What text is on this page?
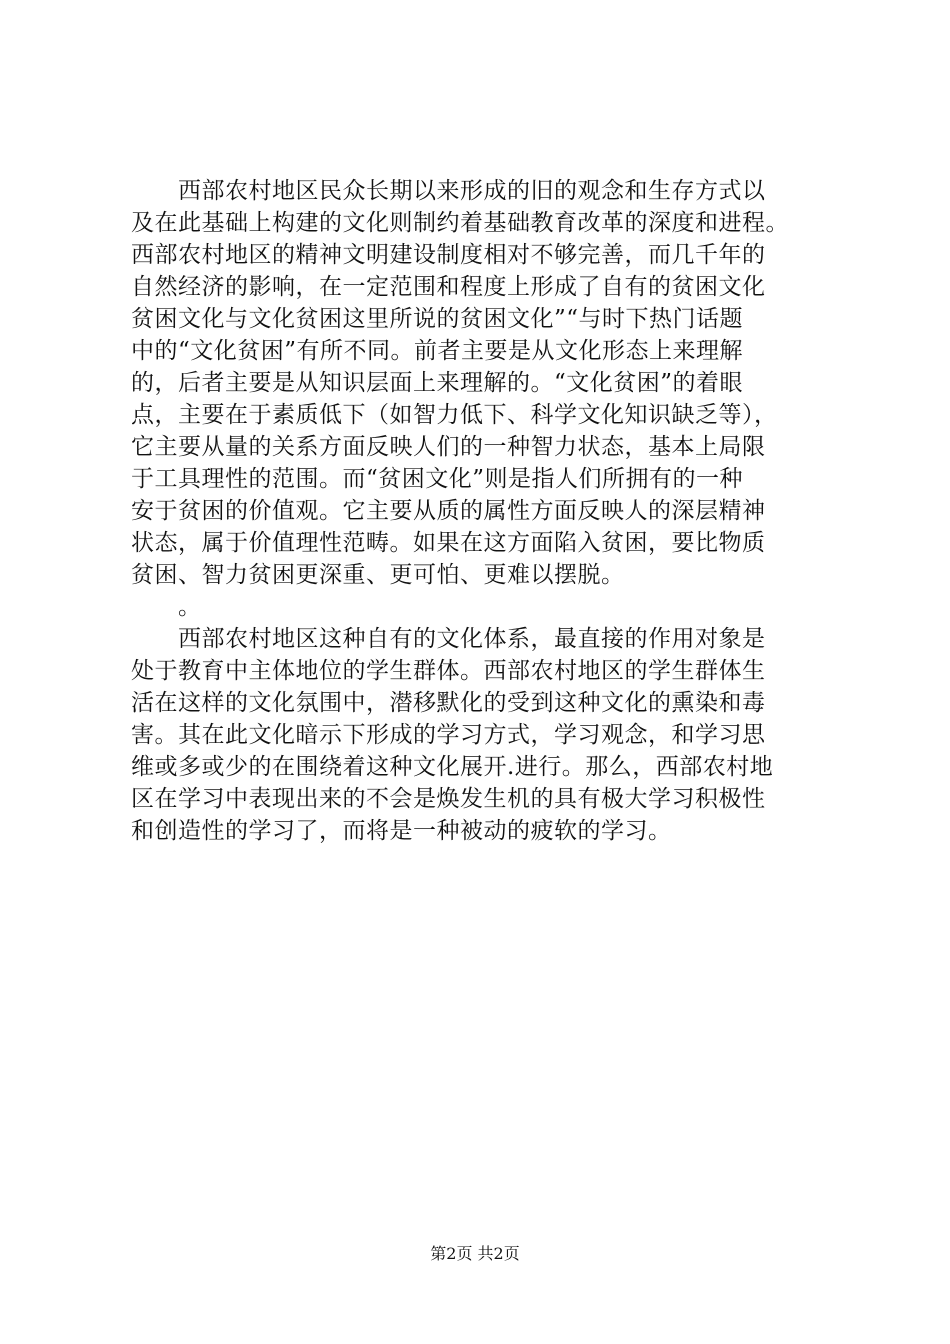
　　西部农村地区民众长期以来形成的旧的观念和生存方式以
及在此基础上构建的文化则制约着基础教育改革的深度和进程。
西部农村地区的精神文明建设制度相对不够完善，而几千年的
自然经济的影响，在一定范围和程度上形成了自有的贫困文化
贫困文化与文化贫困这里所说的贫困文化”“与时下热门话题
中的“文化贫困”有所不同。前者主要是从文化形态上来理解
的，后者主要是从知识层面上来理解的。“文化贫困”的着眼
点，主要在于素质低下（如智力低下、科学文化知识缺乏等），
它主要从量的关系方面反映人们的一种智力状态，基本上局限
于工具理性的范围。而“贫困文化”则是指人们所拥有的一种
安于贫困的价值观。它主要从质的属性方面反映人的深层精神
状态，属于价值理性范畴。如果在这方面陷入贫困，要比物质
贫困、智力贫困更深重、更可怕、更难以摆脱。
　　。
　　西部农村地区这种自有的文化体系，最直接的作用对象是
处于教育中主体地位的学生群体。西部农村地区的学生群体生
活在这样的文化氛围中，潜移默化的受到这种文化的熏染和毒
害。其在此文化暗示下形成的学习方式，学习观念，和学习思
维或多或少的在围绕着这种文化展开.进行。那么，西部农村地
区在学习中表现出来的不会是焕发生机的具有极大学习积极性
和创造性的学习了，而将是一种被动的疲软的学习。
第2页 共2页
